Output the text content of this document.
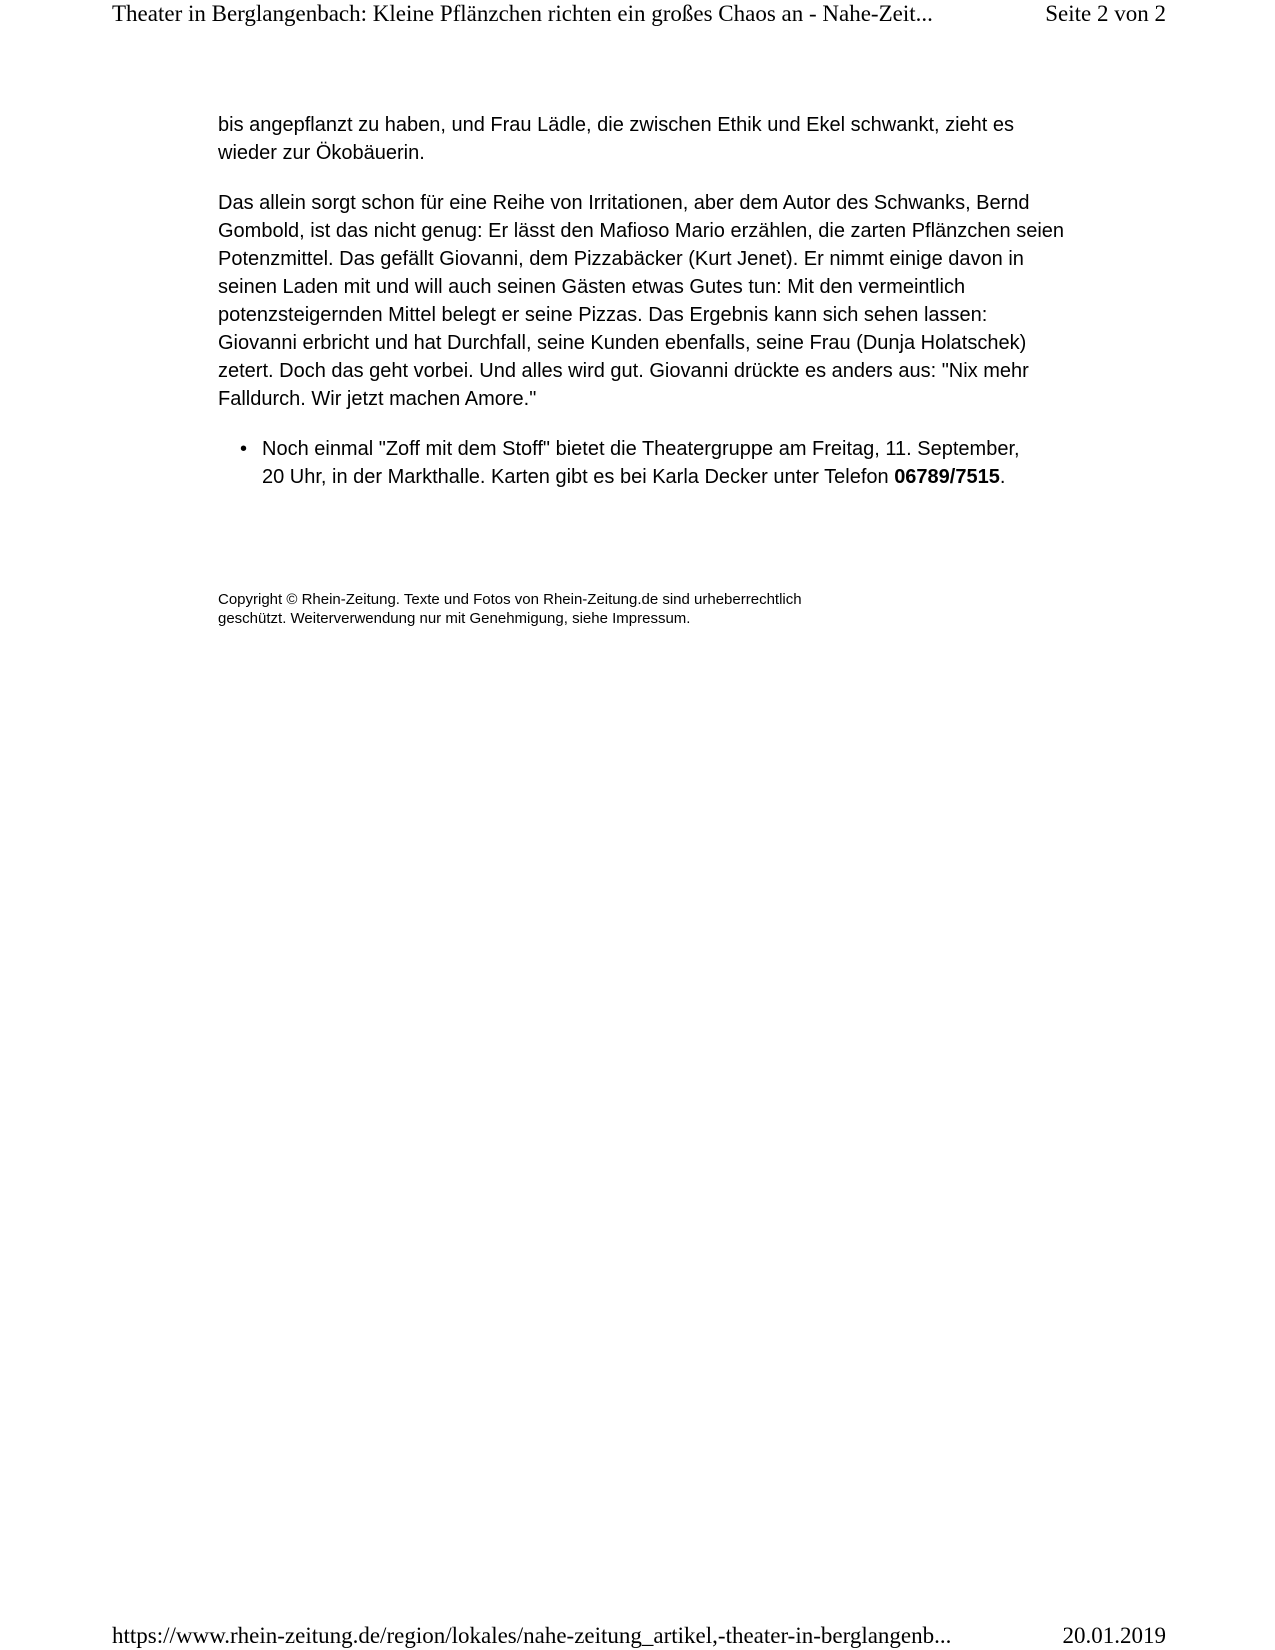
Theater in Berglangenbach: Kleine Pflänzchen richten ein großes Chaos an - Nahe-Zeit...	Seite 2 von 2

bis angepflanzt zu haben, und Frau Lädle, die zwischen Ethik und Ekel schwankt, zieht es wieder zur Ökobäuerin.

Das allein sorgt schon für eine Reihe von Irritationen, aber dem Autor des Schwanks, Bernd Gombold, ist das nicht genug: Er lässt den Mafioso Mario erzählen, die zarten Pflänzchen seien Potenzmittel. Das gefällt Giovanni, dem Pizzabäcker (Kurt Jenet). Er nimmt einige davon in seinen Laden mit und will auch seinen Gästen etwas Gutes tun: Mit den vermeintlich potenzsteigernden Mittel belegt er seine Pizzas. Das Ergebnis kann sich sehen lassen: Giovanni erbricht und hat Durchfall, seine Kunden ebenfalls, seine Frau (Dunja Holatschek) zetert. Doch das geht vorbei. Und alles wird gut. Giovanni drückte es anders aus: "Nix mehr Falldurch. Wir jetzt machen Amore."

• Noch einmal "Zoff mit dem Stoff" bietet die Theatergruppe am Freitag, 11. September, 20 Uhr, in der Markthalle. Karten gibt es bei Karla Decker unter Telefon 06789/7515.
Copyright © Rhein-Zeitung. Texte und Fotos von Rhein-Zeitung.de sind urheberrechtlich
geschützt. Weiterverwendung nur mit Genehmigung, siehe Impressum.
https://www.rhein-zeitung.de/region/lokales/nahe-zeitung_artikel,-theater-in-berglangenb...	20.01.2019
